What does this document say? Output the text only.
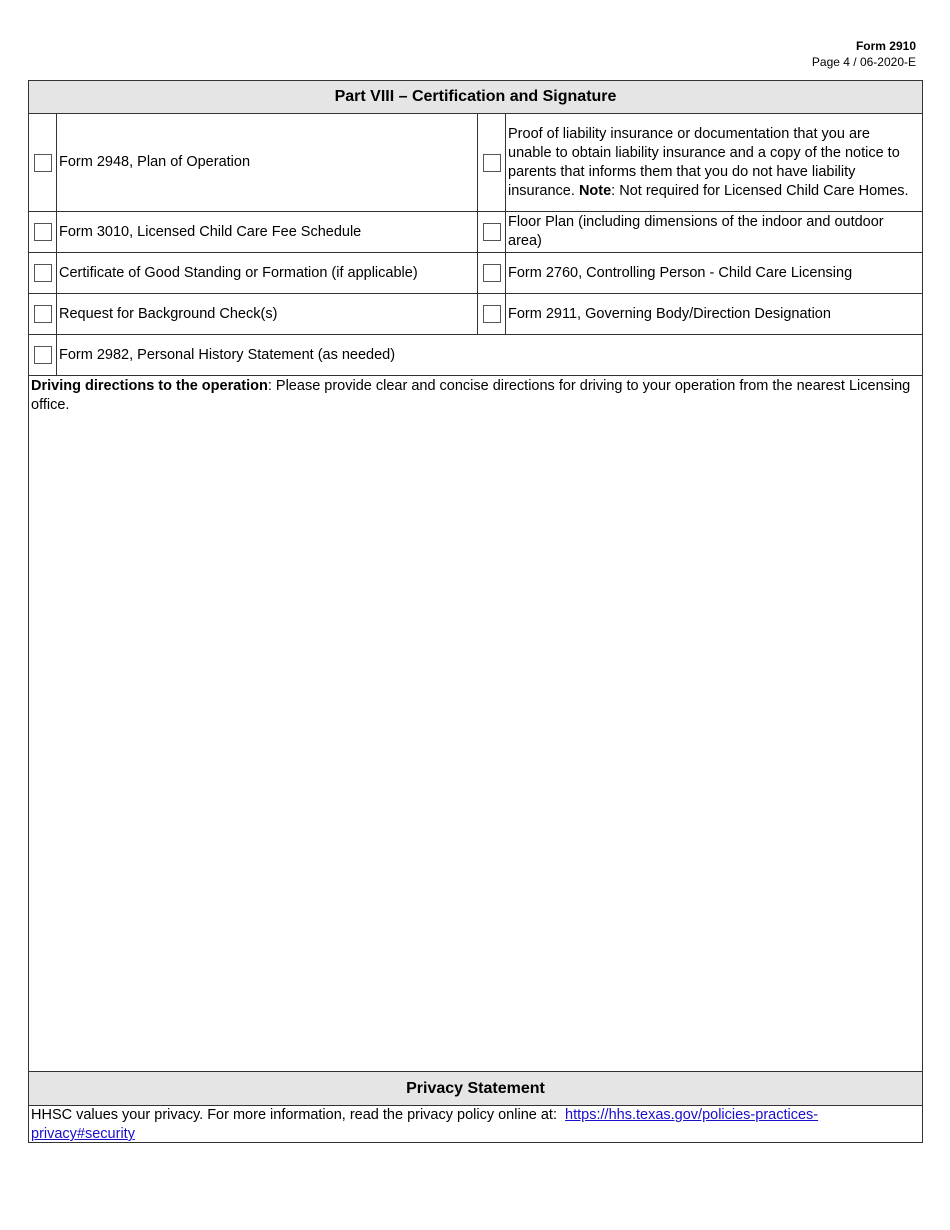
Form 2910
Page 4 / 06-2020-E
Part VIII – Certification and Signature
Form 2948, Plan of Operation
Proof of liability insurance or documentation that you are unable to obtain liability insurance and a copy of the notice to parents that informs them that you do not have liability insurance. Note: Not required for Licensed Child Care Homes.
Form 3010, Licensed Child Care Fee Schedule
Floor Plan (including dimensions of the indoor and outdoor area)
Certificate of Good Standing or Formation (if applicable)	Form 2760, Controlling Person - Child Care Licensing
Request for Background Check(s)	Form 2911, Governing Body/Direction Designation
Form 2982, Personal History Statement (as needed)
Driving directions to the operation: Please provide clear and concise directions for driving to your operation from the nearest Licensing office.
Privacy Statement
HHSC values your privacy. For more information, read the privacy policy online at: https://hhs.texas.gov/policies-practices-privacy#security
